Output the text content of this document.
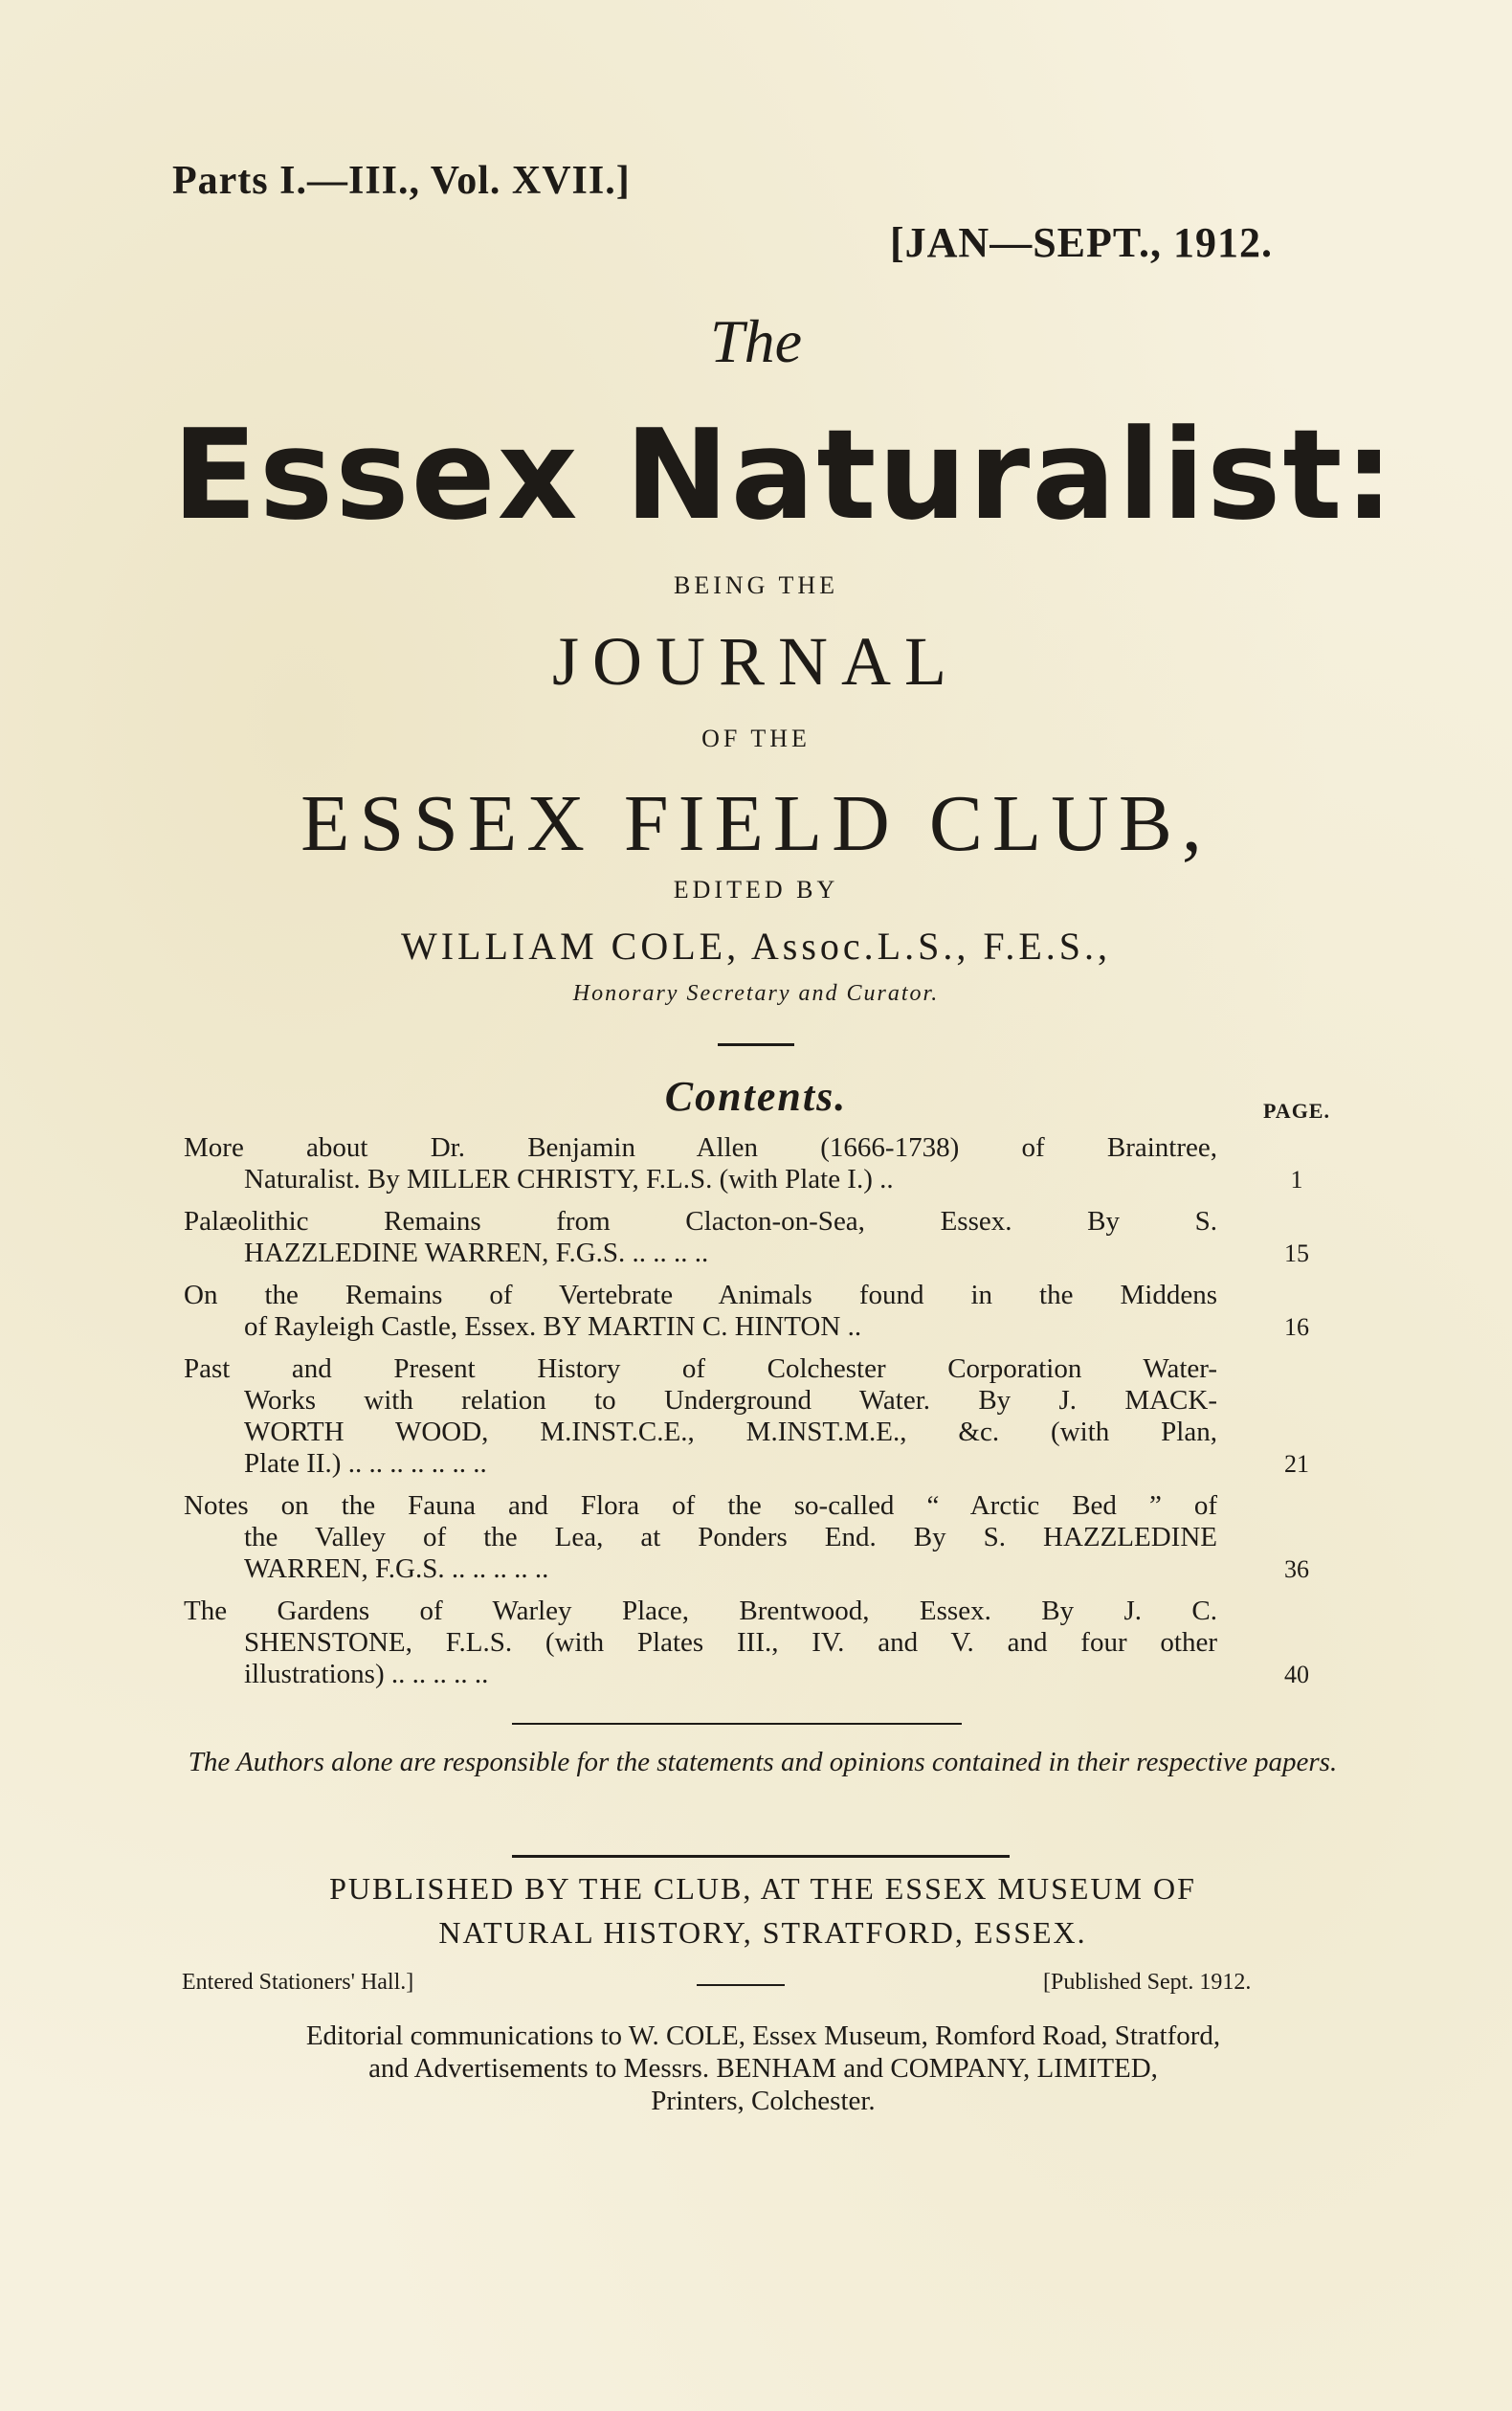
Parts I.—III., Vol. XVII.]
[JAN—SEPT., 1912.
The
Essex Naturalist:
BEING THE
JOURNAL
OF THE
ESSEX FIELD CLUB,
EDITED BY
WILLIAM COLE, Assoc.L.S., F.E.S.,
Honorary Secretary and Curator.
Contents.	PAGE.
More about Dr. Benjamin Allen (1666-1738) of Braintree,
Naturalist. By MILLER CHRISTY, F.L.S. (with Plate I.) ..	1
Palæolithic Remains from Clacton-on-Sea, Essex. By S.
HAZZLEDINE WARREN, F.G.S. .. .. .. ..	15
On the Remains of Vertebrate Animals found in the Middens
of Rayleigh Castle, Essex. BY MARTIN C. HINTON ..	16
Past and Present History of Colchester Corporation Water-
Works with relation to Underground Water. By J. MACK-
WORTH WOOD, M.INST.C.E., M.INST.M.E., &c. (with Plan,
Plate II.) .. .. .. .. .. .. ..	21
Notes on the Fauna and Flora of the so-called “ Arctic Bed ” of
the Valley of the Lea, at Ponders End. By S. HAZZLEDINE
WARREN, F.G.S. .. .. .. .. ..	36
The Gardens of Warley Place, Brentwood, Essex. By J. C.
SHENSTONE, F.L.S. (with Plates III., IV. and V. and four other
illustrations) .. .. .. .. ..	40
The Authors alone are responsible for the statements and opinions contained in their respective papers.
PUBLISHED BY THE CLUB, AT THE ESSEX MUSEUM OF
NATURAL HISTORY, STRATFORD, ESSEX.
Entered Stationers' Hall.]	[Published Sept. 1912.
Editorial communications to W. COLE, Essex Museum, Romford Road, Stratford,
and Advertisements to Messrs. BENHAM and COMPANY, LIMITED,
Printers, Colchester.
